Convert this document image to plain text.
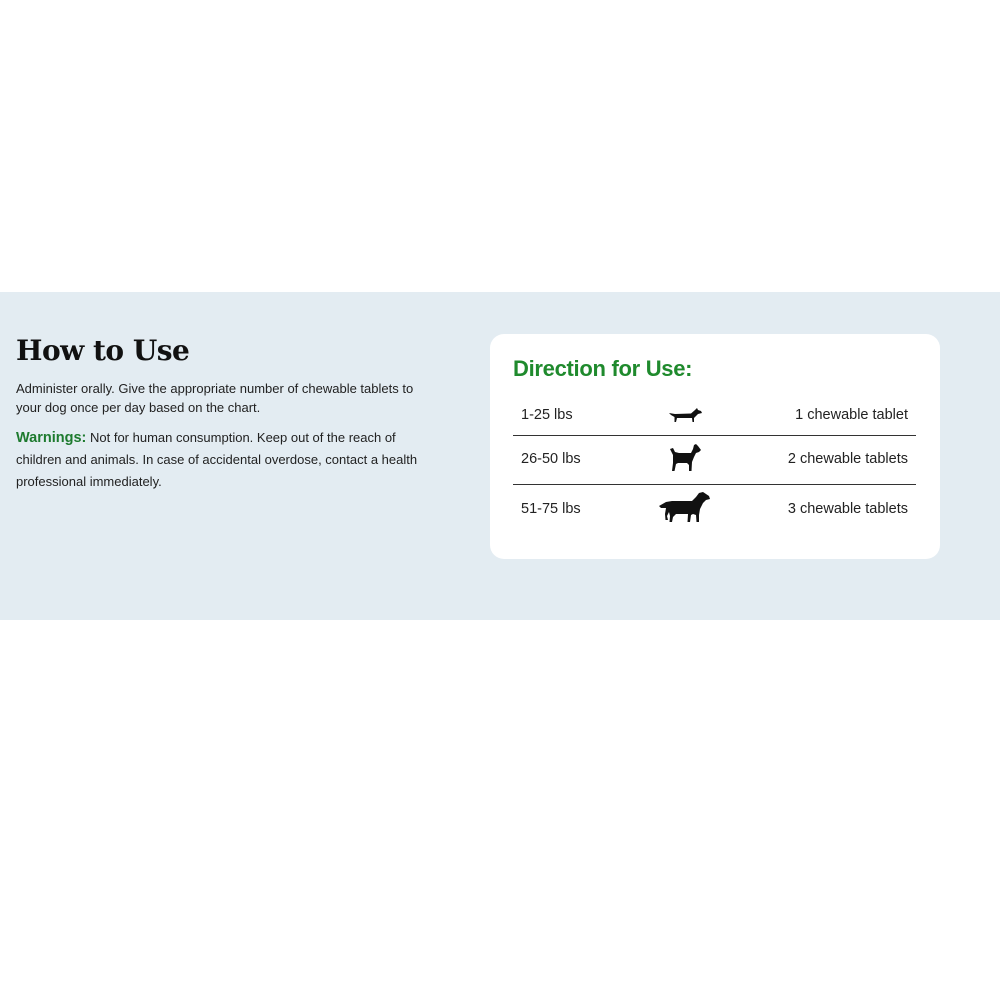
How to Use

Administer orally. Give the appropriate number of chewable tablets to your dog once per day based on the chart.

Warnings: Not for human consumption. Keep out of the reach of children and animals. In case of accidental overdose, contact a health professional immediately.

Direction for Use:
1-25 lbs	1 chewable tablet
26-50 lbs	2 chewable tablets
51-75 lbs	3 chewable tablets
